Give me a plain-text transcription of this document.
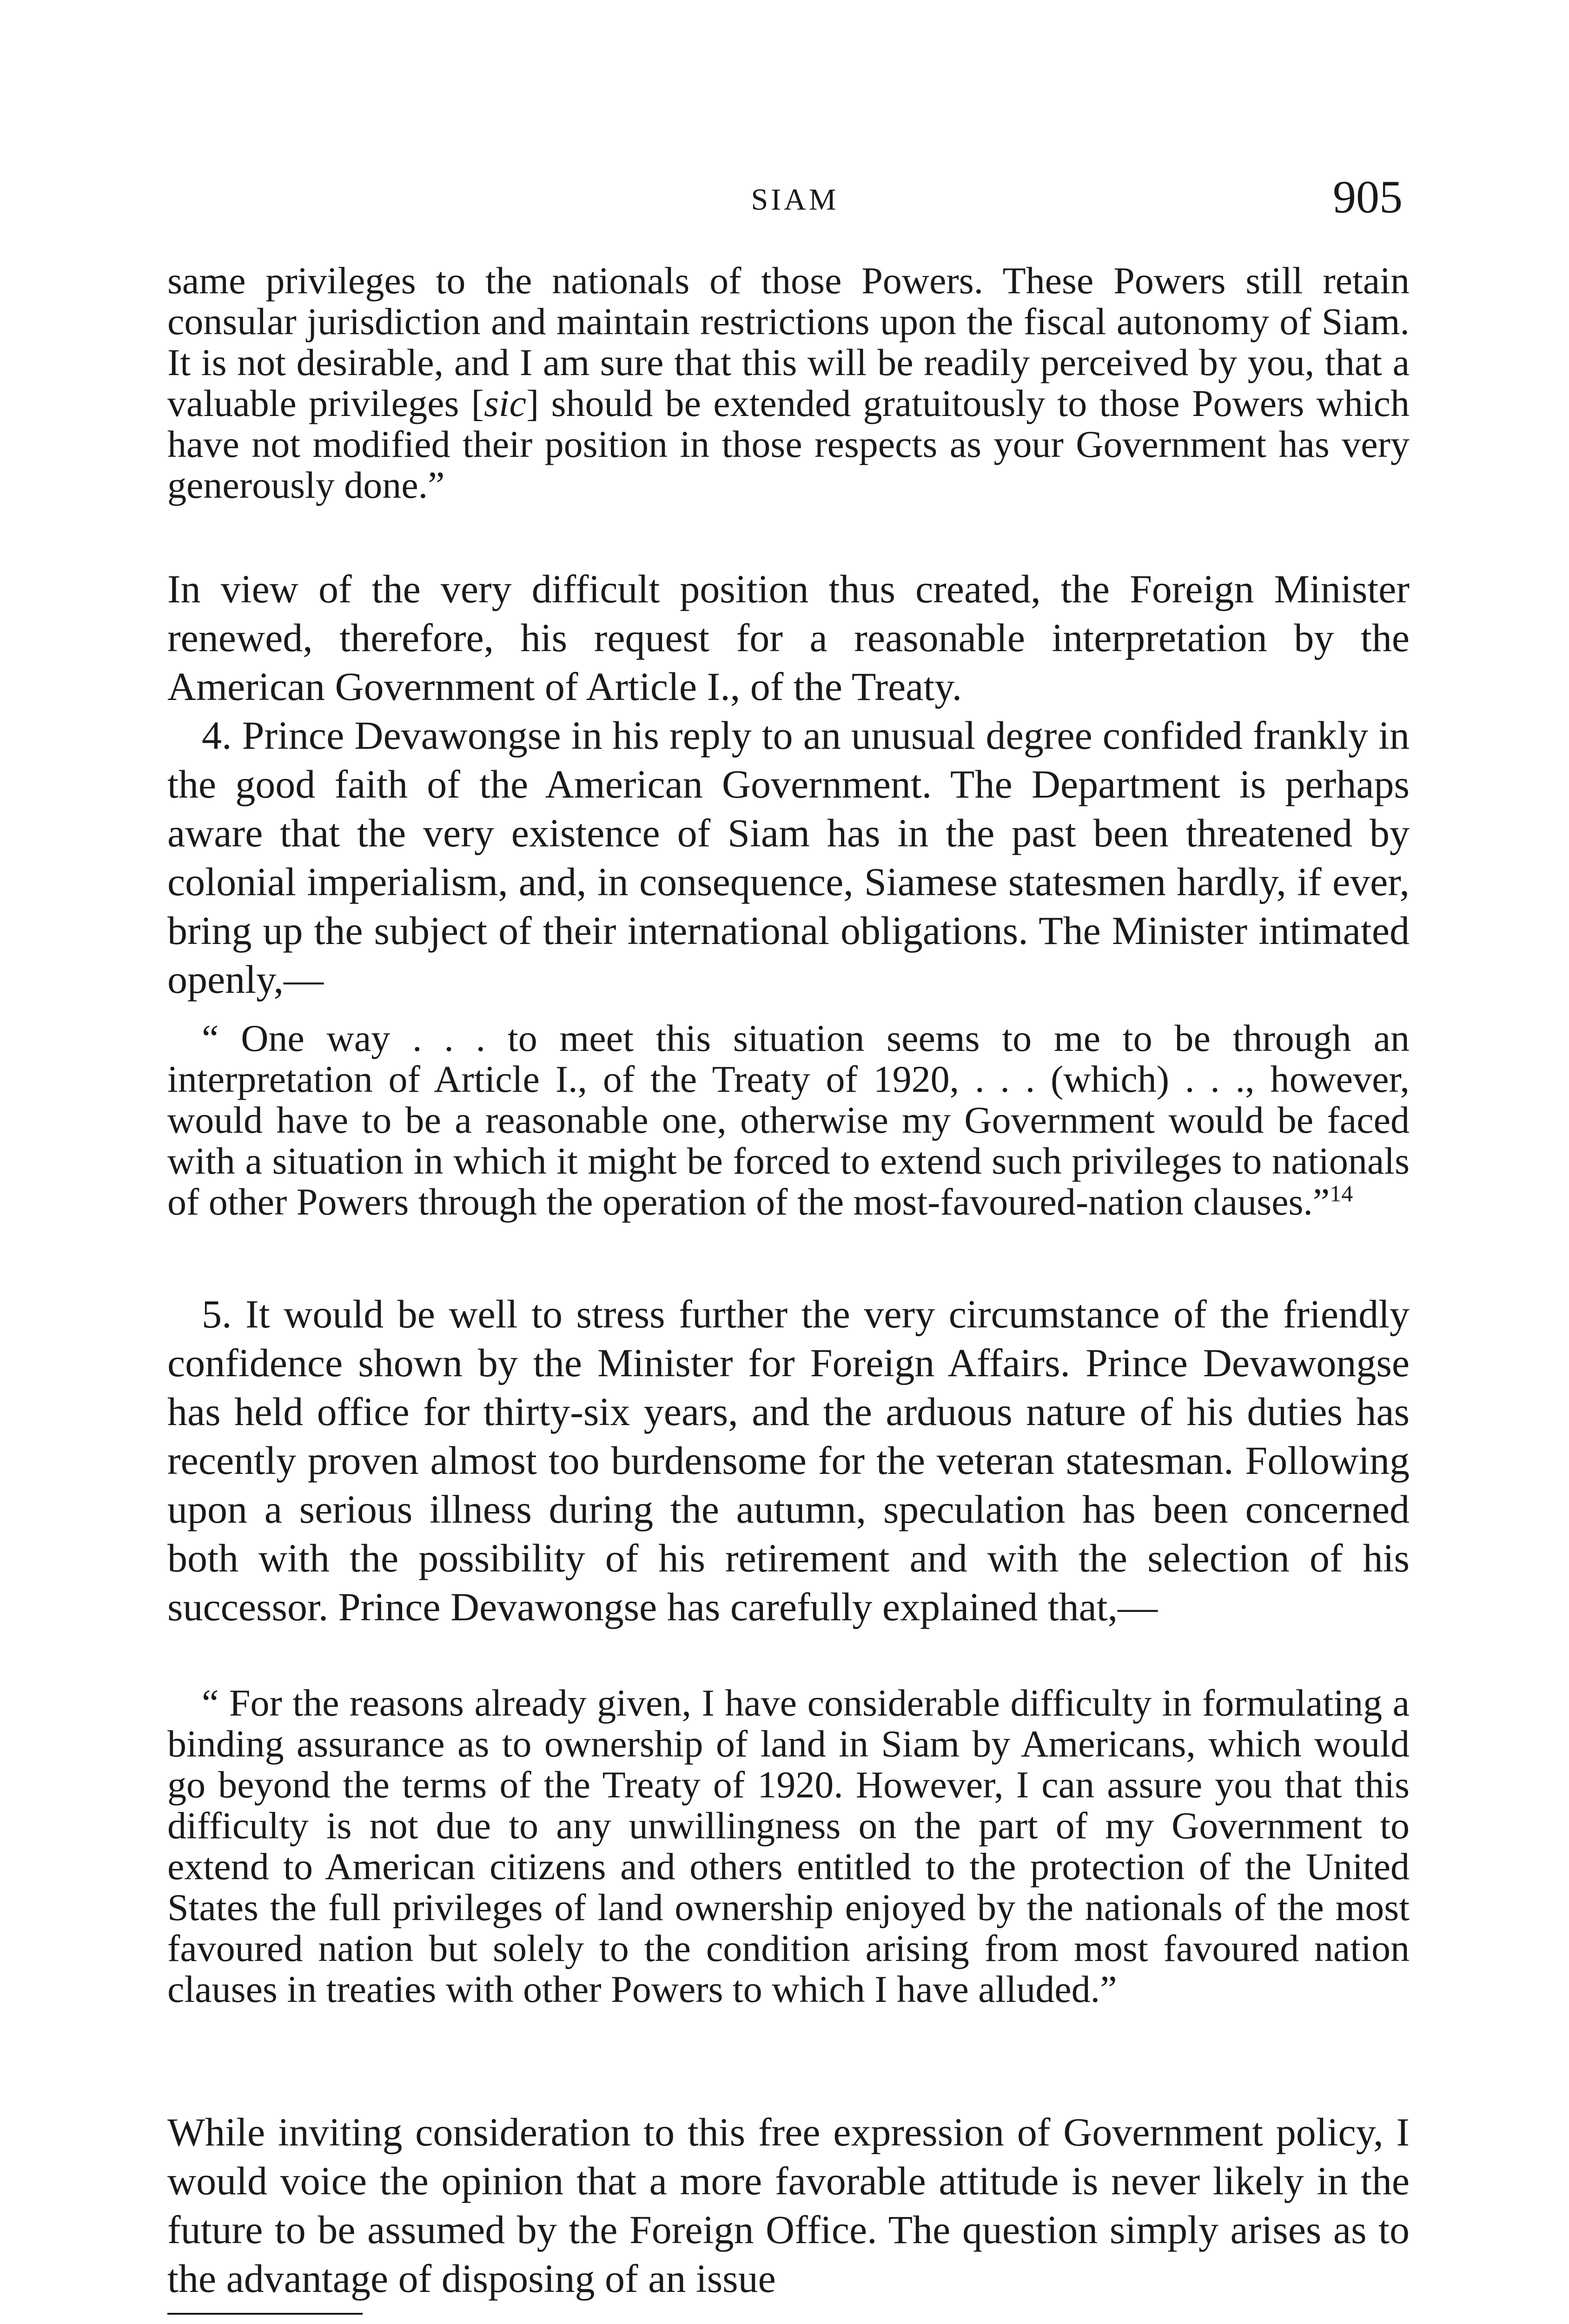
SIAM	905

same privileges to the nationals of those Powers. These Powers still retain consular jurisdiction and maintain restrictions upon the fiscal autonomy of Siam. It is not desirable, and I am sure that this will be readily perceived by you, that a valuable privileges [sic] should be extended gratuitously to those Powers which have not modified their position in those respects as your Government has very generously done.”

In view of the very difficult position thus created, the Foreign Minister renewed, therefore, his request for a reasonable interpretation by the American Government of Article I., of the Treaty.

4. Prince Devawongse in his reply to an unusual degree confided frankly in the good faith of the American Government. The Department is perhaps aware that the very existence of Siam has in the past been threatened by colonial imperialism, and, in consequence, Siamese statesmen hardly, if ever, bring up the subject of their international obligations. The Minister intimated openly,—

“ One way . . . to meet this situation seems to me to be through an interpretation of Article I., of the Treaty of 1920, . . . (which) . . ., however, would have to be a reasonable one, otherwise my Government would be faced with a situation in which it might be forced to extend such privileges to nationals of other Powers through the operation of the most-favoured-nation clauses.”$^{14}$

5. It would be well to stress further the very circumstance of the friendly confidence shown by the Minister for Foreign Affairs. Prince Devawongse has held office for thirty-six years, and the arduous nature of his duties has recently proven almost too burdensome for the veteran statesman. Following upon a serious illness during the autumn, speculation has been concerned both with the possibility of his retirement and with the selection of his successor. Prince Devawongse has carefully explained that,—

“ For the reasons already given, I have considerable difficulty in formulating a binding assurance as to ownership of land in Siam by Americans, which would go beyond the terms of the Treaty of 1920. However, I can assure you that this difficulty is not due to any unwillingness on the part of my Government to extend to American citizens and others entitled to the protection of the United States the full privileges of land ownership enjoyed by the nationals of the most favoured nation but solely to the condition arising from most favoured nation clauses in treaties with other Powers to which I have alluded.”

While inviting consideration to this free expression of Government policy, I would voice the opinion that a more favorable attitude is never likely in the future to be assumed by the Foreign Office. The question simply arises as to the advantage of disposing of an issue
